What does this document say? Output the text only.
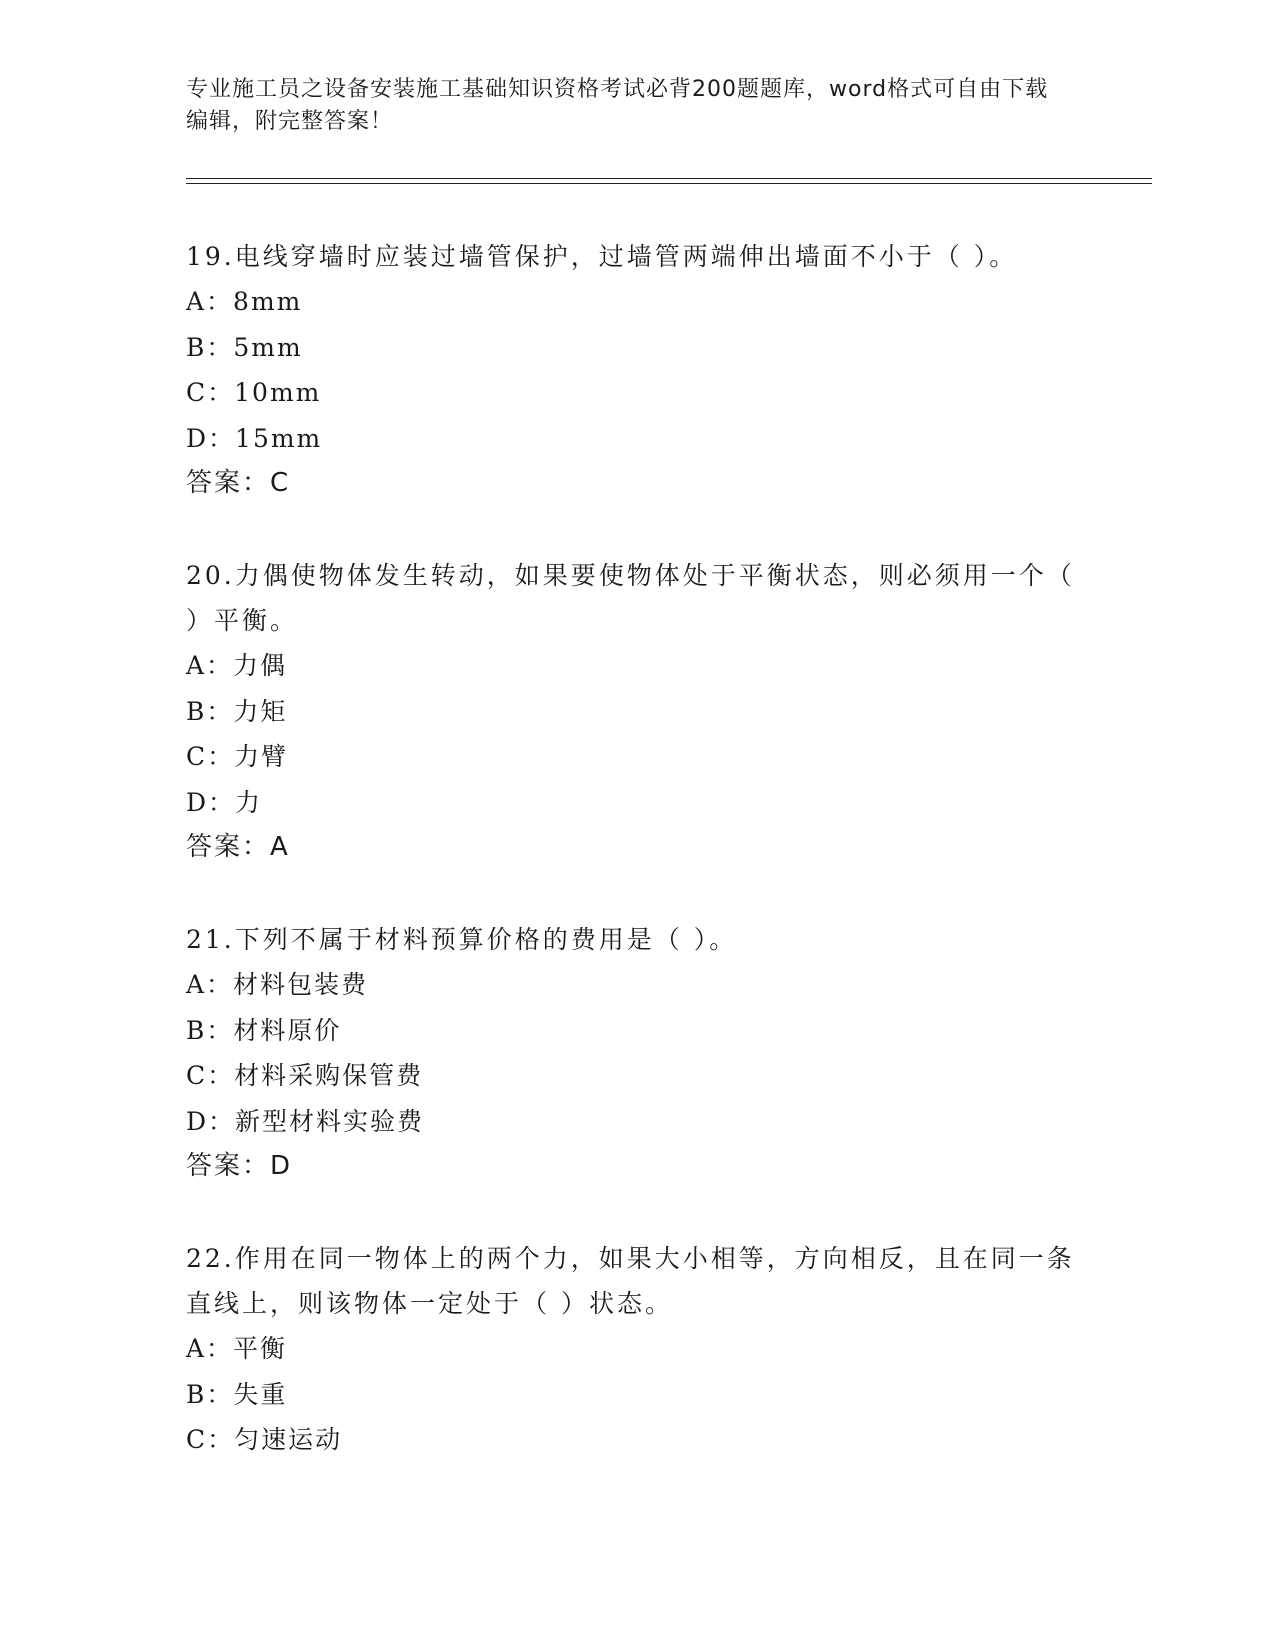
专业施工员之设备安装施工基础知识资格考试必背200题题库，word格式可自由下载编辑，附完整答案！

19.电线穿墙时应装过墙管保护，过墙管两端伸出墙面不小于（ ）。

A：8mm

B：5mm

C：10mm

D：15mm

答案：C

20.力偶使物体发生转动，如果要使物体处于平衡状态，则必须用一个（ ）平衡。

A：力偶

B：力矩

C：力臂

D：力

答案：A

21.下列不属于材料预算价格的费用是（ ）。

A：材料包装费

B：材料原价

C：材料采购保管费

D：新型材料实验费

答案：D

22.作用在同一物体上的两个力，如果大小相等，方向相反，且在同一条直线上，则该物体一定处于（ ）状态。

A：平衡

B：失重

C：匀速运动
